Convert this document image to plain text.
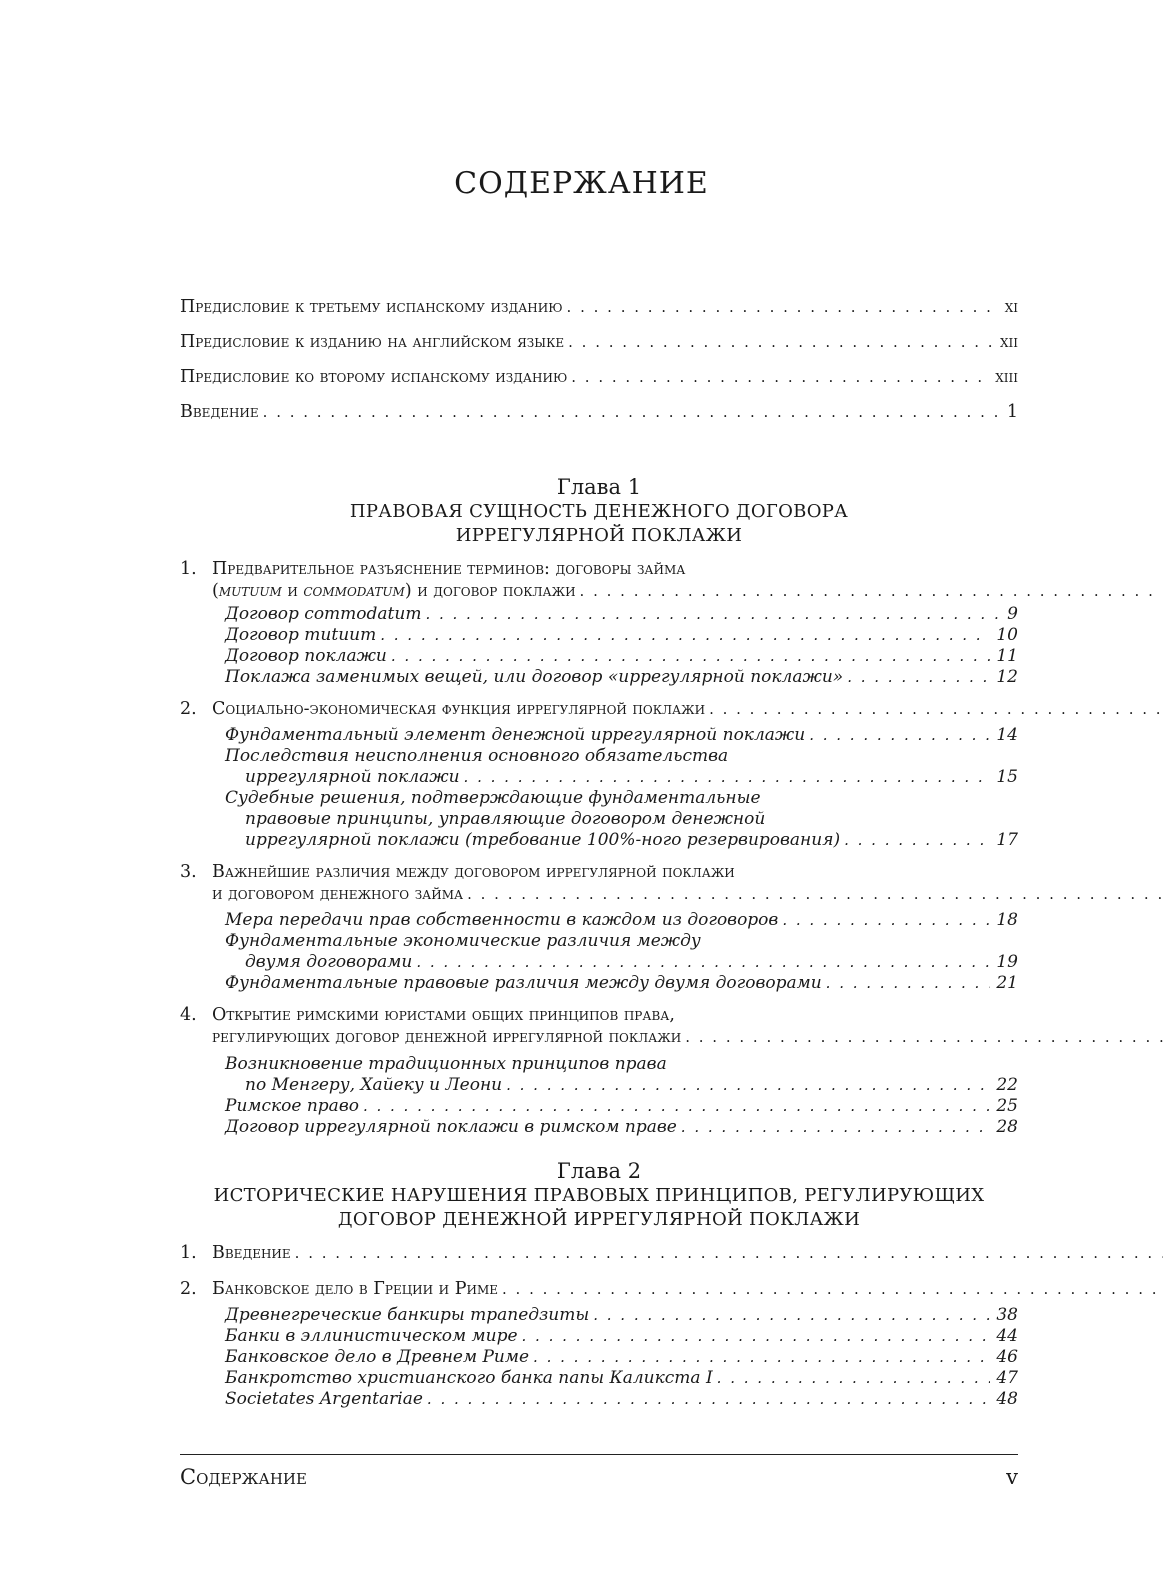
СОДЕРЖАНИЕ
Предисловие к третьему испанскому изданию . . .	xi
Предисловие к изданию на английском языке . . .	xii
Предисловие ко второму испанскому изданию . . .	xiii
Введение . . .	1
Глава 1
ПРАВОВАЯ СУЩНОСТЬ ДЕНЕЖНОГО ДОГОВОРА
ИРРЕГУЛЯРНОЙ ПОКЛАЖИ
1. Предварительное разъяснение терминов: договоры займа
(mutuum и commodatum) и договор поклажи
. . .
Договор commodatum . . .	9
Договор mutuum . . .	10
Договор поклажи . . .	11
Поклажа заменимых вещей, или договор «иррегулярной поклажи» . . .	12
2. Социально-экономическая функция иррегулярной поклажи
. . .
Фундаментальный элемент денежной иррегулярной поклажи . . .	14
Последствия неисполнения основного обязательства
иррегулярной поклажи . . .	15
Судебные решения, подтверждающие фундаментальные
правовые принципы, управляющие договором денежной
иррегулярной поклажи (требование 100%-ного резервирования) . . .	17
3. Важнейшие различия между договором иррегулярной поклажи
и договором денежного займа
. . .
Мера передачи прав собственности в каждом из договоров . . .	18
Фундаментальные экономические различия между
двумя договорами . . .	19
Фундаментальные правовые различия между двумя договорами . . .	21
4. Открытие римскими юристами общих принципов права,
регулирующих договор денежной иррегулярной поклажи
. . .
Возникновение традиционных принципов права
по Менгеру, Хайеку и Леони . . .	22
Римское право . . .	25
Договор иррегулярной поклажи в римском праве . . .	28
Глава 2
ИСТОРИЧЕСКИЕ НАРУШЕНИЯ ПРАВОВЫХ ПРИНЦИПОВ, РЕГУЛИРУЮЩИХ
ДОГОВОР ДЕНЕЖНОЙ ИРРЕГУЛЯРНОЙ ПОКЛАЖИ
1. Введение
. . .
2. Банковское дело в Греции и Риме
. . .
Древнегреческие банкиры трапедзиты . . .	38
Банки в эллинистическом мире . . .	44
Банковское дело в Древнем Риме . . .	46
Банкротство христианского банка папы Каликста I . . .	47
Societates Argentariae . . .	48
Содержание	v
